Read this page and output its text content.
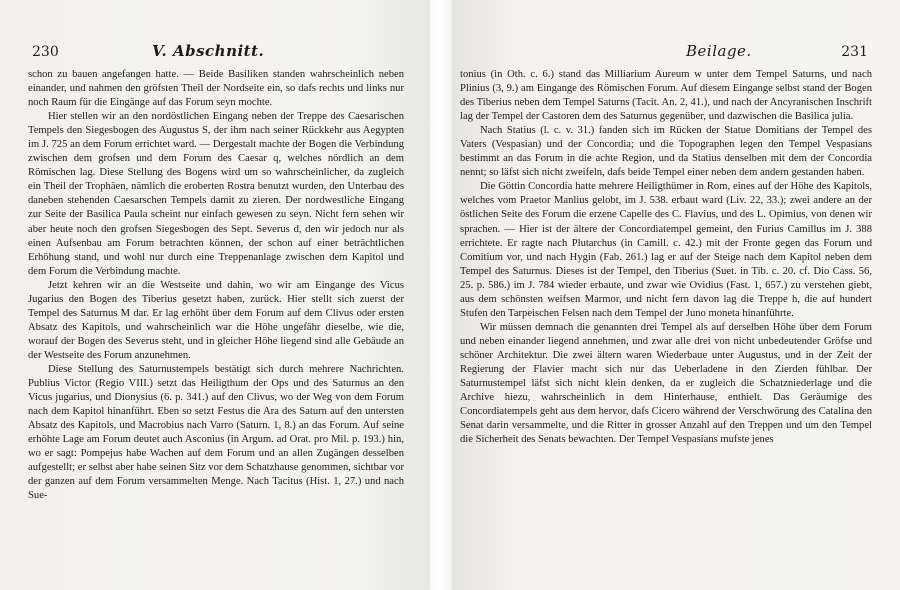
230	V. Abschnitt.

schon zu bauen angefangen hatte. — Beide Basiliken standen wahrscheinlich neben einander, und nahmen den gröfsten Theil der Nordseite ein, so dafs rechts und links nur noch Raum für die Eingänge auf das Forum seyn mochte.

Hier stellen wir an den nordöstlichen Eingang neben der Treppe des Caesarischen Tempels den Siegesbogen des Augustus S, der ihm nach seiner Rückkehr aus Aegypten im J. 725 an dem Forum errichtet ward. — Dergestalt machte der Bogen die Verbindung zwischen dem grofsen und dem Forum des Caesar q, welches nördlich an dem Römischen lag. Diese Stellung des Bogens wird um so wahrscheinlicher, da zugleich ein Theil der Trophäen, nämlich die eroberten Rostra benutzt wurden, den Unterbau des daneben stehenden Caesarschen Tempels damit zu zieren. Der nordwestliche Eingang zur Seite der Basilica Paula scheint nur einfach gewesen zu seyn. Nicht fern sehen wir aber heute noch den grofsen Siegesbogen des Sept. Severus d, den wir jedoch nur als einen Aufsenbau am Forum betrachten können, der schon auf einer beträchtlichen Erhöhung stand, und wohl nur durch eine Treppenanlage zwischen dem Kapitol und dem Forum die Verbindung machte.

Jetzt kehren wir an die Westseite und dahin, wo wir am Eingange des Vicus Jugarius den Bogen des Tiberius gesetzt haben, zurück. Hier stellt sich zuerst der Tempel des Saturnus M dar. Er lag erhöht über dem Forum auf dem Clivus oder ersten Absatz des Kapitols, und wahrscheinlich war die Höhe ungefähr dieselbe, wie die, worauf der Bogen des Severus steht, und in gleicher Höhe liegend sind alle Gebäude an der Westseite des Forum anzunehmen.

Diese Stellung des Saturnustempels bestätigt sich durch mehrere Nachrichten. Publius Victor (Regio VIII.) setzt das Heiligthum der Ops und des Saturnus an den Vicus jugarius, und Dionysius (6. p. 341.) auf den Clivus, wo der Weg von dem Forum nach dem Kapitol hinanführt. Eben so setzt Festus die Ara des Saturn auf den untersten Absatz des Kapitols, und Macrobius nach Varro (Saturn. 1, 8.) an das Forum. Auf seine erhöhte Lage am Forum deutet auch Asconius (in Argum. ad Orat. pro Mil. p. 193.) hin, wo er sagt: Pompejus habe Wachen auf dem Forum und an allen Zugängen desselben aufgestellt; er selbst aber habe seinen Sitz vor dem Schatzhause genommen, sichtbar vor der ganzen auf dem Forum versammelten Menge. Nach Tacitus (Hist. 1, 27.) und nach Sue-

Beilage.	231

tonius (in Oth. c. 6.) stand das Milliarium Aureum w unter dem Tempel Saturns, und nach Plinius (3, 9.) am Eingange des Römischen Forum. Auf diesem Eingange selbst stand der Bogen des Tiberius neben dem Tempel Saturns (Tacit. An. 2, 41.), und nach der Ancyranischen Inschrift lag der Tempel der Castoren dem des Saturnus gegenüber, und dazwischen die Basilica julia.

Nach Statius (l. c. v. 31.) fanden sich im Rücken der Statue Domitians der Tempel des Vaters (Vespasian) und der Concordia; und die Topographen legen den Tempel Vespasians bestimmt an das Forum in die achte Region, und da Statius denselben mit dem der Concordia nennt; so läfst sich nicht zweifeln, dafs beide Tempel einer neben dem andern gestanden haben.

Die Göttin Concordia hatte mehrere Heiligthümer in Rom, eines auf der Höhe des Kapitols, welches vom Praetor Manlius gelobt, im J. 538. erbaut ward (Liv. 22, 33.); zwei andere an der östlichen Seite des Forum die erzene Capelle des C. Flavius, und des L. Opimius, von denen wir sprachen. — Hier ist der ältere der Concordiatempel gemeint, den Furius Camillus im J. 388 errichtete. Er ragte nach Plutarchus (in Camill. c. 42.) mit der Fronte gegen das Forum und Comitium vor, und nach Hygin (Fab. 261.) lag er auf der Steige nach dem Kapitol neben dem Tempel des Saturnus. Dieses ist der Tempel, den Tiberius (Suet. in Tib. c. 20. cf. Dio Cass. 56, 25. p. 586.) im J. 784 wieder erbaute, und zwar wie Ovidius (Fast. 1, 657.) zu verstehen giebt, aus dem schönsten weifsen Marmor, und nicht fern davon lag die Treppe h, die auf hundert Stufen den Tarpeischen Felsen nach dem Tempel der Juno moneta hinanführte.

Wir müssen demnach die genannten drei Tempel als auf derselben Höhe über dem Forum und neben einander liegend annehmen, und zwar alle drei von nicht unbedeutender Gröfse und schöner Architektur. Die zwei ältern waren Wiederbaue unter Augustus, und in der Zeit der Regierung der Flavier macht sich nur das Ueberladene in den Zierden fühlbar. Der Saturnustempel läfst sich nicht klein denken, da er zugleich die Schatzniederlage und die Archive hiezu, wahrscheinlich in dem Hinterhause, enthielt. Das Geräumige des Concordiatempels geht aus dem hervor, dafs Cicero während der Verschwörung des Catalina den Senat darin versammelte, und die Ritter in grosser Anzahl auf den Treppen und um den Tempel die Sicherheit des Senats bewachten. Der Tempel Vespasians mufste jenes
